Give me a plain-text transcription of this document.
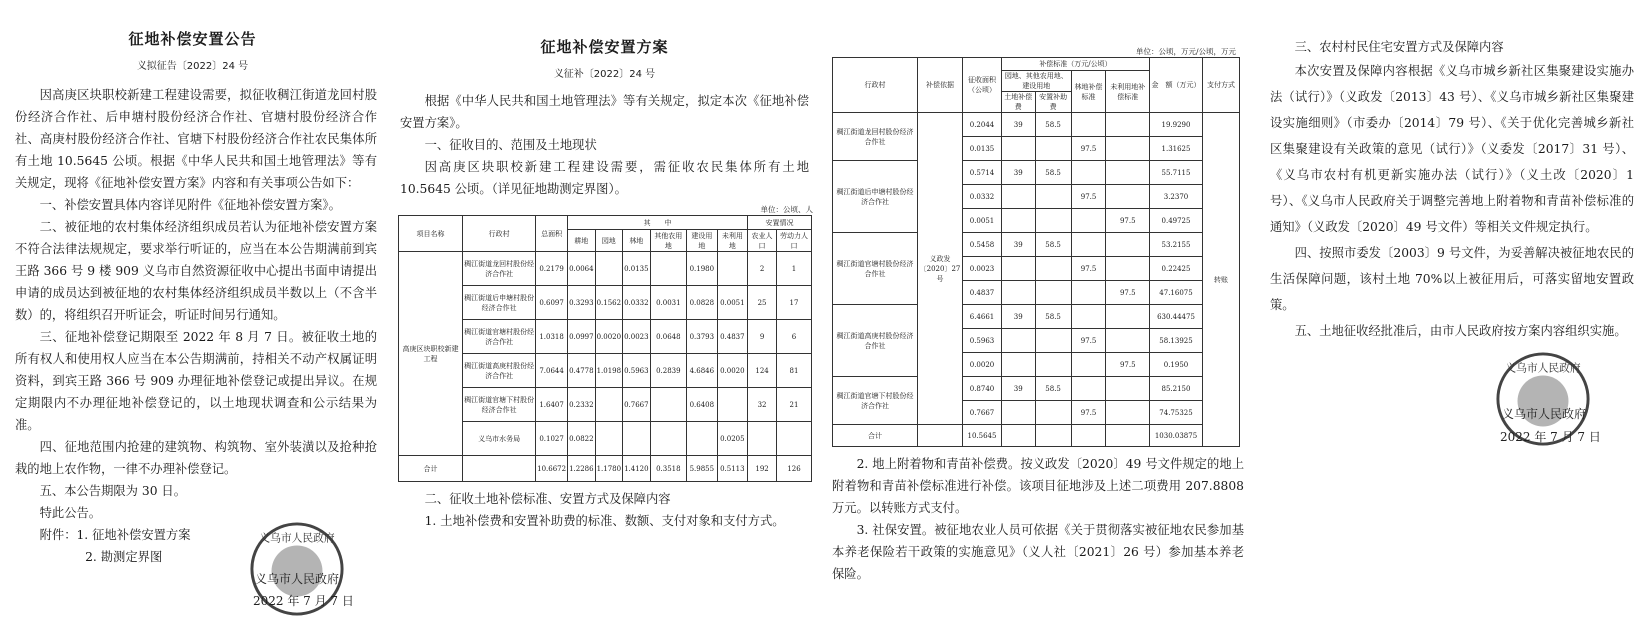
征地补偿安置公告
义拟征告〔2022〕24 号

因高庚区块职校新建工程建设需要，拟征收稠江街道龙回村股份经济合作社、后申塘村股份经济合作社、官塘村股份经济合作社、高庚村股份经济合作社、官塘下村股份经济合作社农民集体所有土地 10.5645 公顷。根据《中华人民共和国土地管理法》等有关规定，现将《征地补偿安置方案》内容和有关事项公告如下：

一、补偿安置具体内容详见附件《征地补偿安置方案》。

二、被征地的农村集体经济组织成员若认为征地补偿安置方案不符合法律法规规定，要求举行听证的，应当在本公告期满前到宾王路 366 号 9 楼 909 义乌市自然资源征收中心提出书面申请提出申请的成员达到被征地的农村集体经济组织成员半数以上（不含半数）的，将组织召开听证会，听证时间另行通知。

三、征地补偿登记期限至 2022 年 8 月 7 日。被征收土地的所有权人和使用权人应当在本公告期满前，持相关不动产权属证明资料，到宾王路 366 号 909 办理征地补偿登记或提出异议。在规定期限内不办理征地补偿登记的，以土地现状调查和公示结果为准。

四、征地范围内抢建的建筑物、构筑物、室外装潢以及抢种抢栽的地上农作物，一律不办理补偿登记。

五、本公告期限为 30 日。

特此公告。

附件：1. 征地补偿安置方案

2. 勘测定界图

义乌市人民政府
义乌市人民政府
2022 年 7 月 7 日
征地补偿安置方案
义征补〔2022〕24 号

根据《中华人民共和国土地管理法》等有关规定，拟定本次《征地补偿安置方案》。

一、征收目的、范围及土地现状

因高庚区块职校新建工程建设需要，需征收农民集体所有土地 10.5645 公顷。（详见征地勘测定界图）。

单位：公顷、人
项目名称	行政村	总面积	其　　中						安置情况	
			耕地	园地	林地	其他农用地	建设用地	未利用地	农业人口	劳动力人口
高庚区块职校新建工程	稠江街道龙回村股份经济合作社	0.2179	0.0064		0.0135		0.1980		2	1
	稠江街道后申塘村股份经济合作社	0.6097	0.3293	0.1562	0.0332	0.0031	0.0828	0.0051	25	17
	稠江街道官塘村股份经济合作社	1.0318	0.0997	0.0020	0.0023	0.0648	0.3793	0.4837	9	6
	稠江街道高庚村股份经济合作社	7.0644	0.4778	1.0198	0.5963	0.2839	4.6846	0.0020	124	81
	稠江街道官塘下村股份经济合作社	1.6407	0.2332		0.7667		0.6408		32	21
	义乌市水务局	0.1027	0.0822					0.0205		
合计		10.6672	1.2286	1.1780	1.4120	0.3518	5.9855	0.5113	192	126

二、征收土地补偿标准、安置方式及保障内容

1. 土地补偿费和安置补助费的标准、数额、支付对象和支付方式。

单位：公顷，万元/公顷，万元
行政村	补偿依据	征收面积（公顷）	补偿标准（万元/公顷）				金　额（万元）	支付方式
			园地、其他农用地、建设用地		林地补偿标准	未利用地补偿标准		
			土地补偿费	安置补助费				
稠江街道龙回村股份经济合作社	义政发〔2020〕27号	0.2044	39	58.5			19.9290	转账
		0.0135			97.5		1.31625	
稠江街道后申塘村股份经济合作社		0.5714	39	58.5			55.7115	
		0.0332			97.5		3.2370	
		0.0051				97.5	0.49725	
稠江街道官塘村股份经济合作社		0.5458	39	58.5			53.2155	
		0.0023			97.5		0.22425	
		0.4837				97.5	47.16075	
稠江街道高庚村股份经济合作社		6.4661	39	58.5			630.44475	
		0.5963			97.5		58.13925	
		0.0020				97.5	0.1950	
稠江街道官塘下村股份经济合作社		0.8740	39	58.5			85.2150	
		0.7667			97.5		74.75325	
合计		10.5645					1030.03875	

2. 地上附着物和青苗补偿费。按义政发〔2020〕49 号文件规定的地上附着物和青苗补偿标准进行补偿。该项目征地涉及上述二项费用 207.8808 万元。以转账方式支付。

3. 社保安置。被征地农业人员可依据《关于贯彻落实被征地农民参加基本养老保险若干政策的实施意见》（义人社〔2021〕26 号）参加基本养老保险。

三、农村村民住宅安置方式及保障内容

本次安置及保障内容根据《义乌市城乡新社区集聚建设实施办法（试行）》（义政发〔2013〕43 号）、《义乌市城乡新社区集聚建设实施细则》（市委办〔2014〕79 号）、《关于优化完善城乡新社区集聚建设有关政策的意见（试行）》（义委发〔2017〕31 号）、《义乌市农村有机更新实施办法（试行）》（义土改〔2020〕1 号）、《义乌市人民政府关于调整完善地上附着物和青苗补偿标准的通知》（义政发〔2020〕49 号文件）等相关文件规定执行。

四、按照市委发〔2003〕9 号文件，为妥善解决被征地农民的生活保障问题，该村土地 70%以上被征用后，可落实留地安置政策。

五、土地征收经批准后，由市人民政府按方案内容组织实施。

义乌市人民政府
义乌市人民政府
2022 年 7 月 7 日
